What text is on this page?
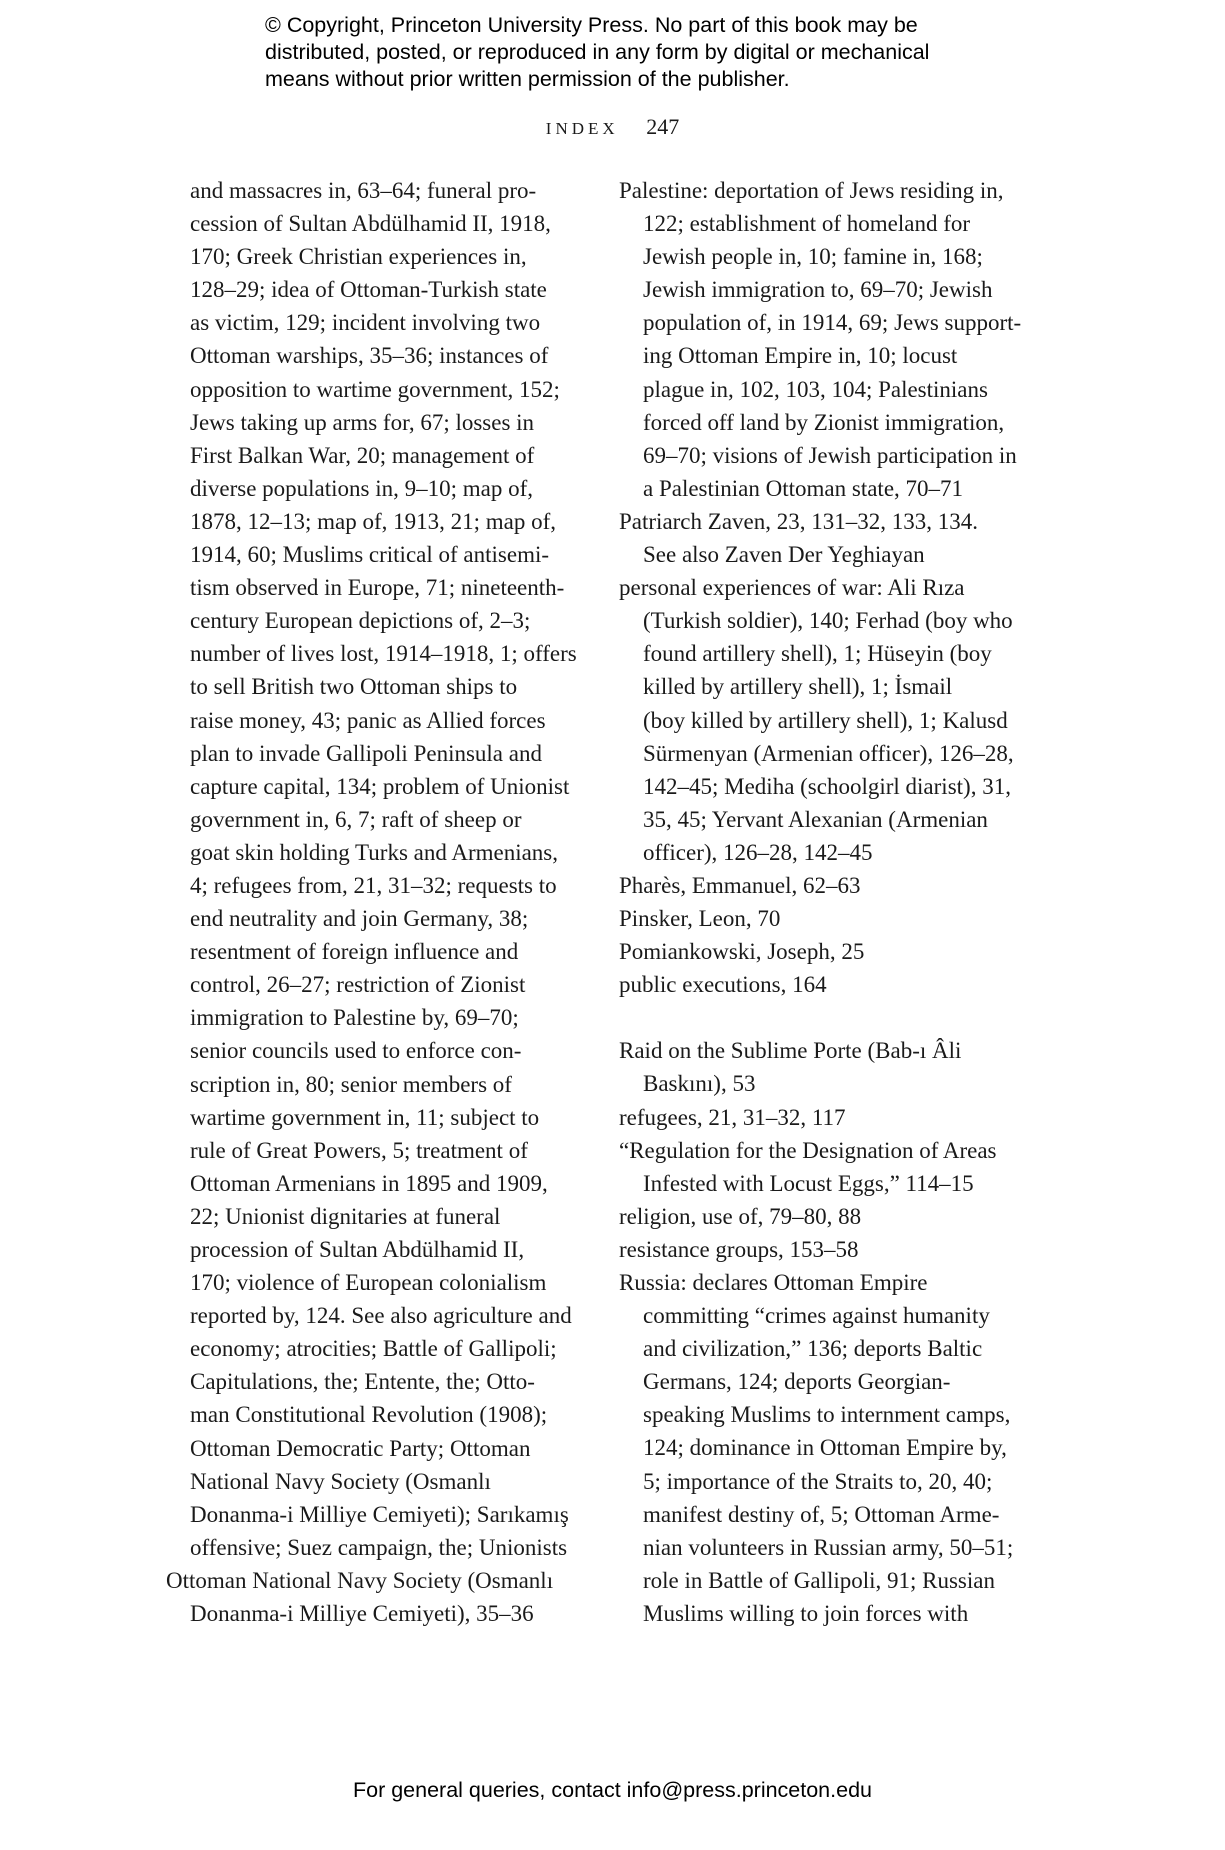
© Copyright, Princeton University Press. No part of this book may be
distributed, posted, or reproduced in any form by digital or mechanical
means without prior written permission of the publisher.
INDEX 247
and massacres in, 63–64; funeral pro-
cession of Sultan Abdülhamid II, 1918,
170; Greek Christian experiences in,
128–29; idea of Ottoman-Turkish state
as victim, 129; incident involving two
Ottoman warships, 35–36; instances of
opposition to wartime government, 152;
Jews taking up arms for, 67; losses in
First Balkan War, 20; management of
diverse populations in, 9–10; map of,
1878, 12–13; map of, 1913, 21; map of,
1914, 60; Muslims critical of antisemi-
tism observed in Europe, 71; nineteenth-
century European depictions of, 2–3;
number of lives lost, 1914–1918, 1; offers
to sell British two Ottoman ships to
raise money, 43; panic as Allied forces
plan to invade Gallipoli Peninsula and
capture capital, 134; problem of Unionist
government in, 6, 7; raft of sheep or
goat skin holding Turks and Armenians,
4; refugees from, 21, 31–32; requests to
end neutrality and join Germany, 38;
resentment of foreign influence and
control, 26–27; restriction of Zionist
immigration to Palestine by, 69–70;
senior councils used to enforce con-
scription in, 80; senior members of
wartime government in, 11; subject to
rule of Great Powers, 5; treatment of
Ottoman Armenians in 1895 and 1909,
22; Unionist dignitaries at funeral
procession of Sultan Abdülhamid II,
170; violence of European colonialism
reported by, 124. See also agriculture and
economy; atrocities; Battle of Gallipoli;
Capitulations, the; Entente, the; Otto-
man Constitutional Revolution (1908);
Ottoman Democratic Party; Ottoman
National Navy Society (Osmanlı
Donanma-i Milliye Cemiyeti); Sarıkamış
offensive; Suez campaign, the; Unionists
Ottoman National Navy Society (Osmanlı
Donanma-i Milliye Cemiyeti), 35–36
Palestine: deportation of Jews residing in,
122; establishment of homeland for
Jewish people in, 10; famine in, 168;
Jewish immigration to, 69–70; Jewish
population of, in 1914, 69; Jews support-
ing Ottoman Empire in, 10; locust
plague in, 102, 103, 104; Palestinians
forced off land by Zionist immigration,
69–70; visions of Jewish participation in
a Palestinian Ottoman state, 70–71
Patriarch Zaven, 23, 131–32, 133, 134.
See also Zaven Der Yeghiayan
personal experiences of war: Ali Rıza
(Turkish soldier), 140; Ferhad (boy who
found artillery shell), 1; Hüseyin (boy
killed by artillery shell), 1; İsmail
(boy killed by artillery shell), 1; Kalusd
Sürmenyan (Armenian officer), 126–28,
142–45; Mediha (schoolgirl diarist), 31,
35, 45; Yervant Alexanian (Armenian
officer), 126–28, 142–45
Pharès, Emmanuel, 62–63
Pinsker, Leon, 70
Pomiankowski, Joseph, 25
public executions, 164
Raid on the Sublime Porte (Bab-ı Âli
Baskını), 53
refugees, 21, 31–32, 117
“Regulation for the Designation of Areas
Infested with Locust Eggs,” 114–15
religion, use of, 79–80, 88
resistance groups, 153–58
Russia: declares Ottoman Empire
committing “crimes against humanity
and civilization,” 136; deports Baltic
Germans, 124; deports Georgian-
speaking Muslims to internment camps,
124; dominance in Ottoman Empire by,
5; importance of the Straits to, 20, 40;
manifest destiny of, 5; Ottoman Arme-
nian volunteers in Russian army, 50–51;
role in Battle of Gallipoli, 91; Russian
Muslims willing to join forces with
For general queries, contact info@press.princeton.edu
